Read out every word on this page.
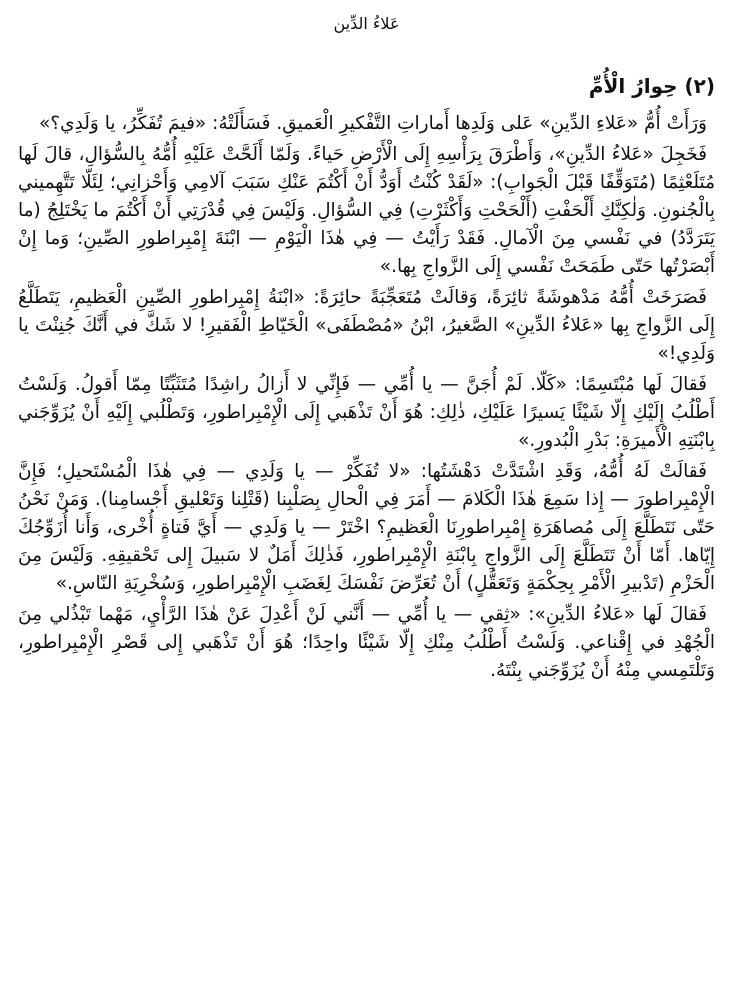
عَلاءُ الدِّين
(٢) حِوارُ الْأُمِّ

وَرَأَتْ أُمُّ «عَلاءِ الدِّينِ» عَلى وَلَدِها أَماراتِ التَّفْكيرِ الْعَميقِ. فَسَأَلَتْهُ: «فيمَ تُفَكِّرُ، يا وَلَدِي؟»

فَخَجِلَ «عَلاءُ الدِّينِ»، وَأَطْرَقَ بِرَأْسِهِ إِلَى الْأَرْضِ حَياءً. وَلَمّا أَلَحَّتْ عَلَيْهِ أُمُّهُ بِالسُّؤالِ، قالَ لَها مُتَلَعْثِمًا (مُتَوَقِّفًا قَبْلَ الْجَوابِ): «لَقَدْ كُنْتُ أَوَدُّ أَنْ أَكْتُمَ عَنْكِ سَبَبَ آلامِي وَأَحْزانِي؛ لِئَلّا تَتَّهِميني بِالْجُنونِ. وَلٰكِنَّكِ أَلْحَفْتِ (أَلْحَحْتِ وَأَكْثَرْتِ) فِي السُّؤالِ. وَلَيْسَ فِي قُدْرَتِي أَنْ أَكْتُمَ ما يَخْتَلِجُ (ما يَتَرَدَّدُ) في نَفْسي مِنَ الْآمالِ. فَقَدْ رَأَيْتُ — فِي هٰذَا الْيَوْمِ — ابْنَةَ إِمْبِراطورِ الصِّينِ؛ وَما إِنْ أَبْصَرْتُها حَتّى طَمَحَتْ نَفْسي إِلَى الزَّواجِ بِها.»

فَصَرَخَتْ أُمُّهُ مَدْهوشَةً ثائِرَةً، وَقالَتْ مُتَعَجِّبَةً حائِرَةً: «ابْنَةُ إِمْبِراطورِ الصِّينِ الْعَظيمِ، يَتَطَلَّعُ إِلَى الزَّواجِ بِها «عَلاءُ الدِّينِ» الصَّغيرُ، ابْنُ «مُصْطَفَى» الْخَيّاطِ الْفَقيرِ! لا شَكَّ في أَنَّكَ جُنِنْتَ يا وَلَدِي!»

فَقالَ لَها مُبْتَسِمًا: «كَلّا. لَمْ أُجَنَّ — يا أُمِّي — فَإِنِّي لا أَزالُ راشِدًا مُتَثَبِّتًا مِمّا أَقولُ. وَلَسْتُ أَطْلُبُ إِلَيْكِ إِلّا شَيْئًا يَسيرًا عَلَيْكِ، ذٰلِكِ: هُوَ أَنْ تَذْهَبي إِلَى الْإِمْبِراطورِ، وَتَطْلُبي إِلَيْهِ أَنْ يُزَوِّجَني بِابْنَتِهِ الْأَميرَةِ: بَدْرِ الْبُدورِ.»

فَقالَتْ لَهُ أُمُّهُ، وَقَدِ اشْتَدَّتْ دَهْشَتُها: «لا تُفَكِّرْ — يا وَلَدِي — فِي هٰذَا الْمُسْتَحيلِ؛ فَإِنَّ الْإِمْبِراطورَ — إِذا سَمِعَ هٰذَا الْكَلامَ — أَمَرَ فِي الْحالِ بِصَلْبِنا (قَتْلِنا وَتَعْليقِ أَجْسامِنا). وَمَنْ نَحْنُ حَتّى نَتَطَلَّعَ إِلَى مُصاهَرَةِ إِمْبِراطورِنَا الْعَظيمِ؟ اخْتَرْ — يا وَلَدِي — أَيَّ فَتاةٍ أُخْرى، وَأَنا أُزَوِّجُكَ إِيّاها. أَمّا أَنْ تَتَطَلَّعَ إِلَى الزَّواجِ بِابْنَةِ الْإِمْبِراطورِ، فَذٰلِكَ أَمَلٌ لا سَبيلَ إِلى تَحْقيقِهِ. وَلَيْسَ مِنَ الْحَزْمِ (تَدْبيرِ الْأَمْرِ بِحِكْمَةٍ وَتَعَقُّلٍ) أَنْ تُعَرِّضَ نَفْسَكَ لِغَضَبِ الْإِمْبِراطورِ، وَسُخْرِيَةِ النّاسِ.»

فَقالَ لَها «عَلاءُ الدِّينِ»: «ثِقي — يا أُمِّي — أَنَّني لَنْ أَعْدِلَ عَنْ هٰذَا الرَّأْيِ، مَهْما تَبْذُلي مِنَ الْجُهْدِ في إِقْناعي. وَلَسْتُ أَطْلُبُ مِنْكِ إِلّا شَيْئًا واحِدًا؛ هُوَ أَنْ تَذْهَبي إِلى قَصْرِ الْإِمْبِراطورِ، وَتَلْتَمِسي مِنْهُ أَنْ يُزَوِّجَني بِنْتَهُ.
